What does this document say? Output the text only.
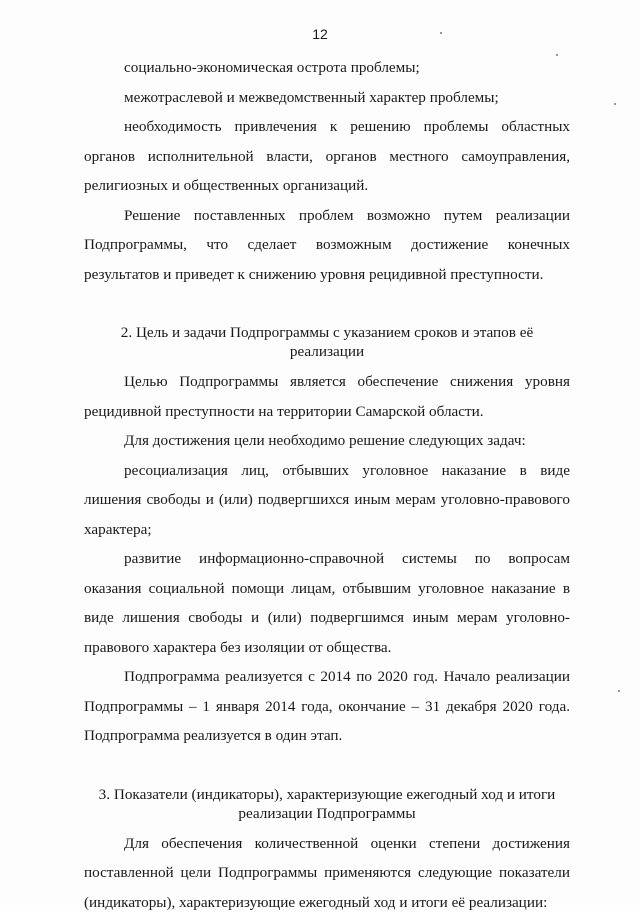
12

социально-экономическая острота проблемы;

межотраслевой и межведомственный характер проблемы;

необходимость привлечения к решению проблемы областных органов исполнительной власти, органов местного самоуправления, религиозных и общественных организаций.

Решение поставленных проблем возможно путем реализации Подпрограммы, что сделает возможным достижение конечных результатов и приведет к снижению уровня рецидивной преступности.

2. Цель и задачи Подпрограммы с указанием сроков и этапов её

реализации

Целью Подпрограммы является обеспечение снижения уровня рецидивной преступности на территории Самарской области.

Для достижения цели необходимо решение следующих задач:

ресоциализация лиц, отбывших уголовное наказание в виде лишения свободы и (или) подвергшихся иным мерам уголовно-правового характера;

развитие информационно-справочной системы по вопросам оказания социальной помощи лицам, отбывшим уголовное наказание в виде лишения свободы и (или) подвергшимся иным мерам уголовно-правового характера без изоляции от общества.

Подпрограмма реализуется с 2014 по 2020 год. Начало реализации Подпрограммы – 1 января 2014 года, окончание – 31 декабря 2020 года. Подпрограмма реализуется в один этап.

3. Показатели (индикаторы), характеризующие ежегодный ход и итоги

реализации Подпрограммы

Для обеспечения количественной оценки степени достижения поставленной цели Подпрограммы применяются следующие показатели (индикаторы), характеризующие ежегодный ход и итоги её реализации:
